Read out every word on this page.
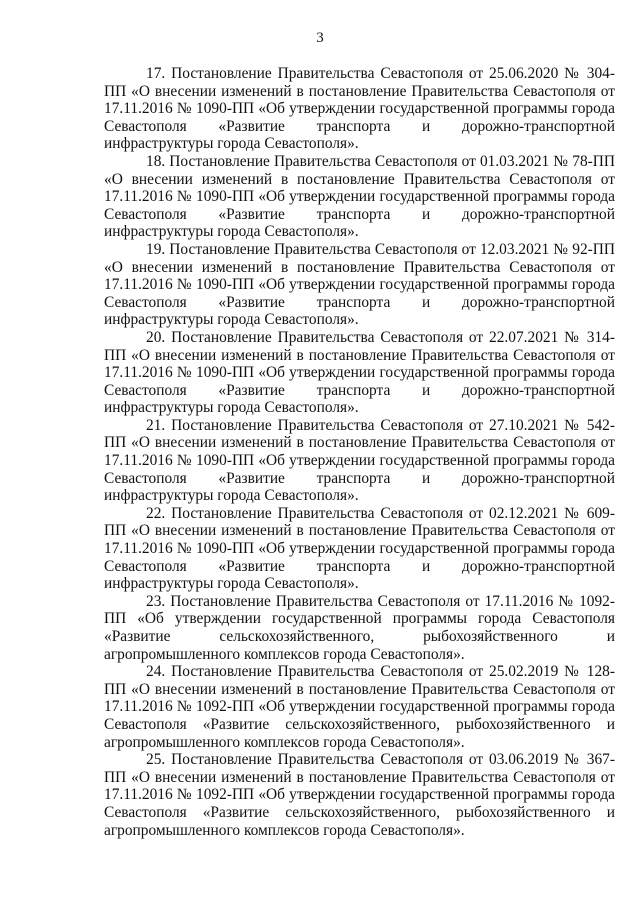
3

17. Постановление Правительства Севастополя от 25.06.2020 № 304-ПП «О внесении изменений в постановление Правительства Севастополя от 17.11.2016 № 1090-ПП «Об утверждении государственной программы города Севастополя «Развитие транспорта и дорожно-транспортной инфраструктуры города Севастополя».

18. Постановление Правительства Севастополя от 01.03.2021 № 78-ПП «О внесении изменений в постановление Правительства Севастополя от 17.11.2016 № 1090-ПП «Об утверждении государственной программы города Севастополя «Развитие транспорта и дорожно-транспортной инфраструктуры города Севастополя».

19. Постановление Правительства Севастополя от 12.03.2021 № 92-ПП «О внесении изменений в постановление Правительства Севастополя от 17.11.2016 № 1090-ПП «Об утверждении государственной программы города Севастополя «Развитие транспорта и дорожно-транспортной инфраструктуры города Севастополя».

20. Постановление Правительства Севастополя от 22.07.2021 № 314-ПП «О внесении изменений в постановление Правительства Севастополя от 17.11.2016 № 1090-ПП «Об утверждении государственной программы города Севастополя «Развитие транспорта и дорожно-транспортной инфраструктуры города Севастополя».

21. Постановление Правительства Севастополя от 27.10.2021 № 542-ПП «О внесении изменений в постановление Правительства Севастополя от 17.11.2016 № 1090-ПП «Об утверждении государственной программы города Севастополя «Развитие транспорта и дорожно-транспортной инфраструктуры города Севастополя».

22. Постановление Правительства Севастополя от 02.12.2021 № 609-ПП «О внесении изменений в постановление Правительства Севастополя от 17.11.2016 № 1090-ПП «Об утверждении государственной программы города Севастополя «Развитие транспорта и дорожно-транспортной инфраструктуры города Севастополя».

23. Постановление Правительства Севастополя от 17.11.2016 № 1092-ПП «Об утверждении государственной программы города Севастополя «Развитие сельскохозяйственного, рыбохозяйственного и агропромышленного комплексов города Севастополя».

24. Постановление Правительства Севастополя от 25.02.2019 № 128-ПП «О внесении изменений в постановление Правительства Севастополя от 17.11.2016 № 1092-ПП «Об утверждении государственной программы города Севастополя «Развитие сельскохозяйственного, рыбохозяйственного и агропромышленного комплексов города Севастополя».

25. Постановление Правительства Севастополя от 03.06.2019 № 367-ПП «О внесении изменений в постановление Правительства Севастополя от 17.11.2016 № 1092-ПП «Об утверждении государственной программы города Севастополя «Развитие сельскохозяйственного, рыбохозяйственного и агропромышленного комплексов города Севастополя».
